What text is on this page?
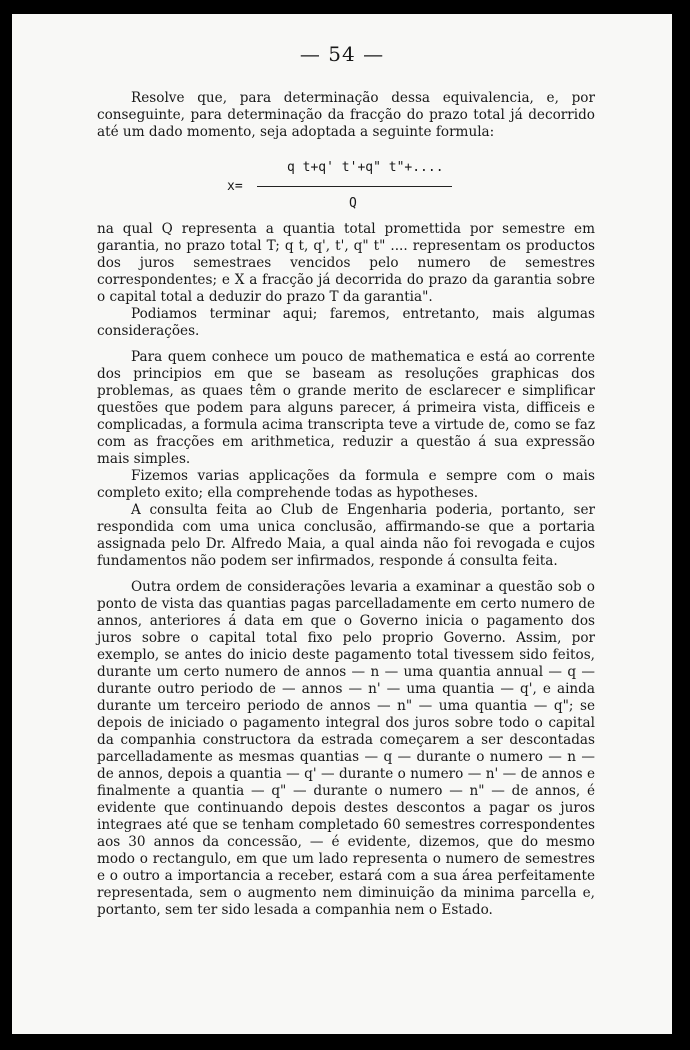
— 54 —

Resolve que, para determinação dessa equivalencia, e, por conseguinte, para determinação da fracção do prazo total já decorrido até um dado momento, seja adoptada a seguinte formula:

q t+q' t'+q" t"+....
x=
Q

na qual Q representa a quantia total promettida por semestre em garantia, no prazo total T; q t, q', t', q" t" .... representam os productos dos juros semestraes vencidos pelo numero de semestres correspondentes; e X a fracção já decorrida do prazo da garantia sobre o capital total a deduzir do prazo T da garantia".

Podiamos terminar aqui; faremos, entretanto, mais algumas considerações.

Para quem conhece um pouco de mathematica e está ao corrente dos principios em que se baseam as resoluções graphicas dos problemas, as quaes têm o grande merito de esclarecer e simplificar questões que podem para alguns parecer, á primeira vista, difficeis e complicadas, a formula acima transcripta teve a virtude de, como se faz com as fracções em arithmetica, reduzir a questão á sua expressão mais simples.

Fizemos varias applicações da formula e sempre com o mais completo exito; ella comprehende todas as hypotheses.

A consulta feita ao Club de Engenharia poderia, portanto, ser respondida com uma unica conclusão, affirmando-se que a portaria assignada pelo Dr. Alfredo Maia, a qual ainda não foi revogada e cujos fundamentos não podem ser infirmados, responde á consulta feita.

Outra ordem de considerações levaria a examinar a questão sob o ponto de vista das quantias pagas parcelladamente em certo numero de annos, anteriores á data em que o Governo inicia o pagamento dos juros sobre o capital total fixo pelo proprio Governo. Assim, por exemplo, se antes do inicio deste pagamento total tivessem sido feitos, durante um certo numero de annos — n — uma quantia annual — q — durante outro periodo de — annos — n' — uma quantia — q', e ainda durante um terceiro periodo de annos — n" — uma quantia — q"; se depois de iniciado o pagamento integral dos juros sobre todo o capital da companhia constructora da estrada começarem a ser descontadas parcelladamente as mesmas quantias — q — durante o numero — n — de annos, depois a quantia — q' — durante o numero — n' — de annos e finalmente a quantia — q" — durante o numero — n" — de annos, é evidente que continuando depois destes descontos a pagar os juros integraes até que se tenham completado 60 semestres correspondentes aos 30 annos da concessão, — é evidente, dizemos, que do mesmo modo o rectangulo, em que um lado representa o numero de semestres e o outro a importancia a receber, estará com a sua área perfeitamente representada, sem o augmento nem diminuição da minima parcella e, portanto, sem ter sido lesada a companhia nem o Estado.
